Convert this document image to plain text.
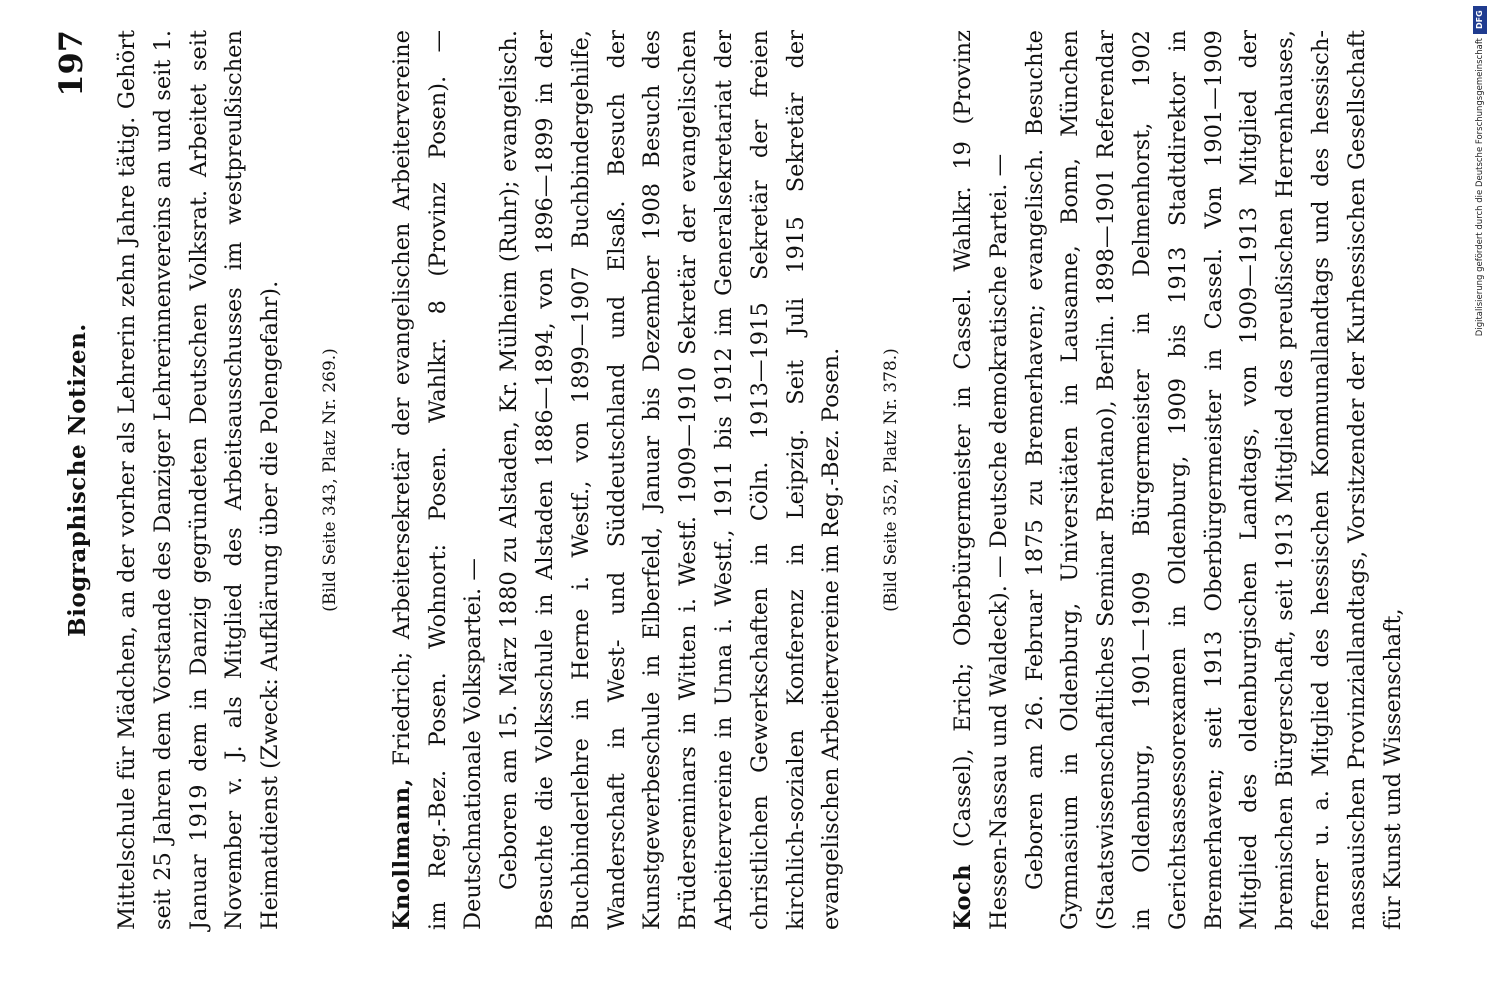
Biographische Notizen.
197 Mittelschule für Mädchen, an der vorher als Lehrerin zehn Jahre tätig. Gehört seit 25 Jahren dem Vorstande des Danziger Lehrerinnenvereins an und seit 1. Januar 1919 dem in Danzig gegründeten Deutschen Volksrat. Arbeitet seit November v. J. als Mitglied des Arbeitsausschusses im westpreußischen Heimatdienst (Zweck: Aufklärung über die Polengefahr).	(Bild Seite 343, Platz Nr. 269.)

Knollmann, Friedrich; Arbeitersekretär der evangelischen Arbeitervereine im Reg.-Bez. Posen. Wohnort: Posen. Wahlkr. 8 (Provinz Posen). — Deutschnationale Volkspartei. — Geboren am 15. März 1880 zu Alstaden, Kr. Mülheim (Ruhr); evangelisch. Besuchte die Volksschule in Alstaden 1886—1894, von 1896—1899 in der Buchbinderlehre in Herne i. Westf., von 1899—1907 Buchbindergehilfe, Wanderschaft in West- und Süddeutschland und Elsaß. Besuch der Kunstgewerbeschule in Elberfeld, Januar bis Dezember 1908 Besuch des Brüderseminars in Witten i. Westf. 1909—1910 Sekretär der evangelischen Arbeitervereine in Unna i. Westf., 1911 bis 1912 im Generalsekretariat der christlichen Gewerkschaften in Cöln. 1913—1915 Sekretär der freien kirchlich-sozialen Konferenz in Leipzig. Seit Juli 1915 Sekretär der evangelischen Arbeitervereine im Reg.-Bez. Posen.	(Bild Seite 352, Platz Nr. 378.)

Koch (Cassel), Erich; Oberbürgermeister in Cassel. Wahlkr. 19 (Provinz Hessen-Nassau und Waldeck). — Deutsche demokratische Partei. — Geboren am 26. Februar 1875 zu Bremerhaven; evangelisch. Besuchte Gymnasium in Oldenburg, Universitäten in Lausanne, Bonn, München (Staatswissenschaftliches Seminar Brentano), Berlin. 1898—1901 Referendar in Oldenburg, 1901—1909 Bürgermeister in Delmenhorst, 1902 Gerichtsassessorexamen in Oldenburg, 1909 bis 1913 Stadtdirektor in Bremerhaven; seit 1913 Oberbürgermeister in Cassel. Von 1901—1909 Mitglied des oldenburgischen Landtags, von 1909—1913 Mitglied der bremischen Bürgerschaft, seit 1913 Mitglied des preußischen Herrenhauses, ferner u. a. Mitglied des hessischen Kommunallandtags und des hessisch-nassauischen Provinziallandtags, Vorsitzender der Kurhessischen Gesellschaft für Kunst und Wissenschaft,

DFG
Digitalisierung gefördert durch die Deutsche Forschungsgemeinschaft
